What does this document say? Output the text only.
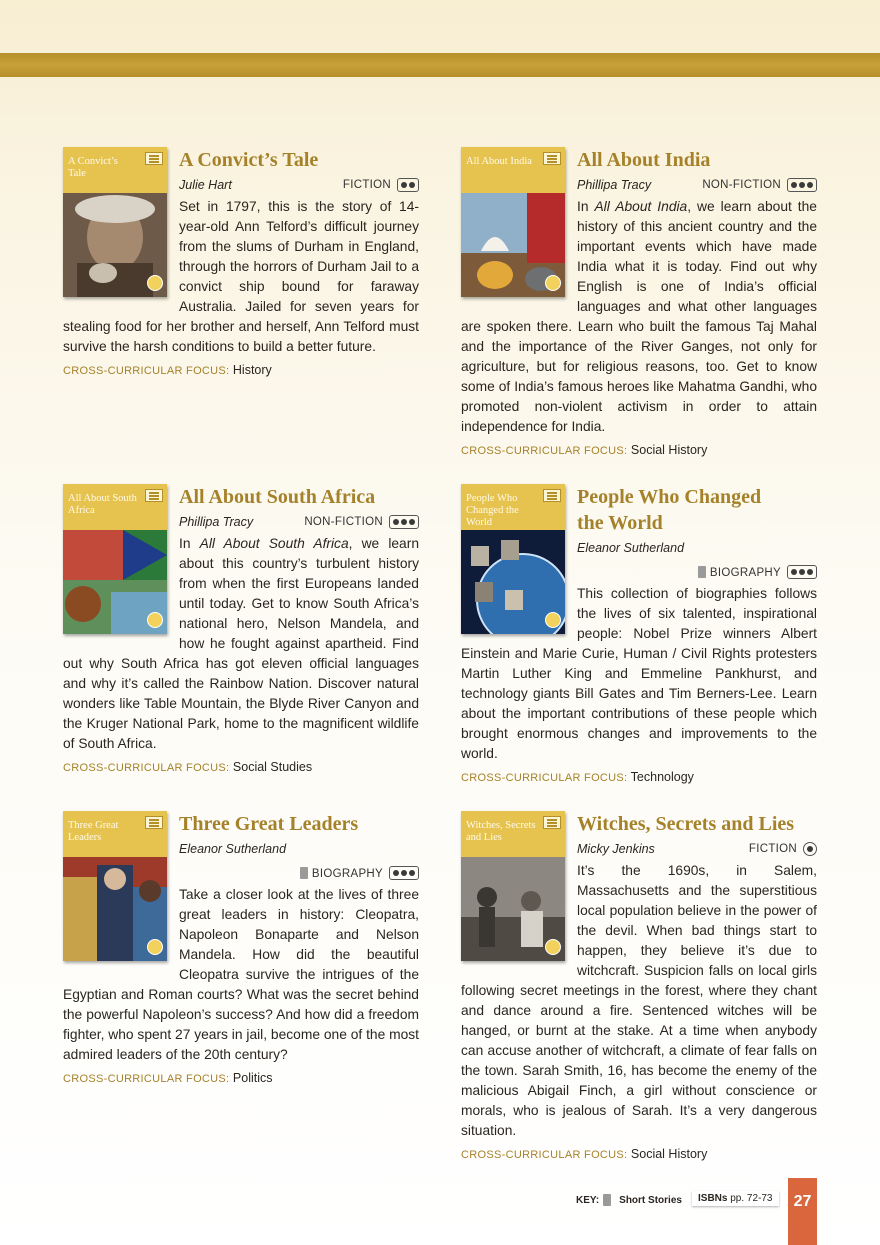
A Convict’s Tale
A Convict’s Tale
Julie Hart	FICTION

Set in 1797, this is the story of 14-year-old Ann Telford’s difficult journey from the slums of Durham in England, through the horrors of Durham Jail to a convict ship bound for faraway Australia. Jailed for seven years for stealing food for her brother and herself, Ann Telford must survive the harsh conditions to build a better future.

CROSS-CURRICULAR FOCUS: History
All About India	All About India
Phillipa Tracy	NON-FICTION

In All About India, we learn about the history of this ancient country and the important events which have made India what it is today. Find out why English is one of India’s official languages and what other languages are spoken there. Learn who built the famous Taj Mahal and the importance of the River Ganges, not only for agriculture, but for religious reasons, too. Get to know some of India’s famous heroes like Mahatma Gandhi, who promoted non-violent activism in order to attain independence for India.

CROSS-CURRICULAR FOCUS: Social History
All About South Africa
All About South Africa
Phillipa Tracy	NON-FICTION

In All About South Africa, we learn about this country’s turbulent history from when the first Europeans landed until today. Get to know South Africa’s national hero, Nelson Mandela, and how he fought against apartheid. Find out why South Africa has got eleven official languages and why it’s called the Rainbow Nation. Discover natural wonders like Table Mountain, the Blyde River Canyon and the Kruger National Park, home to the magnificent wildlife of South Africa.

CROSS-CURRICULAR FOCUS: Social Studies
People Who Changed the World
People Who Changed
the World
Eleanor Sutherland
BIOGRAPHY

This collection of biographies follows the lives of six talented, inspirational people: Nobel Prize winners Albert Einstein and Marie Curie, Human / Civil Rights protesters Martin Luther King and Emmeline Pankhurst, and technology giants Bill Gates and Tim Berners-Lee. Learn about the important contributions of these people which brought enormous changes and improvements to the world.

CROSS-CURRICULAR FOCUS: Technology
Three Great Leaders
Three Great Leaders
Eleanor Sutherland
BIOGRAPHY

Take a closer look at the lives of three great leaders in history: Cleopatra, Napoleon Bonaparte and Nelson Mandela. How did the beautiful Cleopatra survive the intrigues of the Egyptian and Roman courts? What was the secret behind the powerful Napoleon’s success? And how did a freedom fighter, who spent 27 years in jail, become one of the most admired leaders of the 20th century?

CROSS-CURRICULAR FOCUS: Politics
Witches, Secrets and Lies
Witches, Secrets and Lies
Micky Jenkins	FICTION

It’s the 1690s, in Salem, Massachusetts and the superstitious local population believe in the power of the devil. When bad things start to happen, they believe it’s due to witchcraft. Suspicion falls on local girls following secret meetings in the forest, where they chant and dance around a fire. Sentenced witches will be hanged, or burnt at the stake. At a time when anybody can accuse another of witchcraft, a climate of fear falls on the town. Sarah Smith, 16, has become the enemy of the malicious Abigail Finch, a girl without conscience or morals, who is jealous of Sarah. It’s a very dangerous situation.

CROSS-CURRICULAR FOCUS: Social History
KEY: Short Stories	ISBNs pp. 72-73	27
